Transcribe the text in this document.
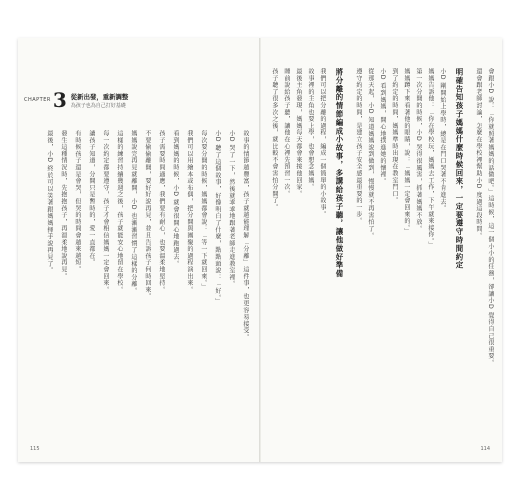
CHAPTER 3 從新出發，重新調整
為孩子也為自己打好基礎
故事的情節越豐富，孩子就越能理解「分離」這件事，也更容易接受。
小D 哭了一下，然後就乖乖地跟著老師走進教室裡。
小D 聽了這個故事，好像明白了什麼，點點頭說：「好。」
每次要分開的時候，媽媽都會說：「等一下就回來。」
我們可以用繪本或布偶，把分開與團聚的過程演出來。
看到媽媽的時候，小D 就會很開心地跑過去。
孩子需要時間適應，我們要有耐心，也要溫柔地堅持。
不要偷偷離開，要好好說再見，並且告訴孩子何時回來。
媽媽說完再見就離開，小D 也漸漸習慣了這樣的分離。
這樣的練習持續幾週之後，孩子就能安心地留在學校。
每一次約定都要遵守，孩子才會相信媽媽一定會回來。
讓孩子知道，分開只是暫時的，愛一直都在。
有時候孩子還是會哭，但哭的時間會越來越短。
發生這種情況時，先抱抱孩子，再溫柔地說再見。
最後，小D 終於可以笑著跟媽媽揮手說再見了。
115
會跟小D 說：「你就照著媽媽的話做吧。」這時候，這一個小小的任務，卻讓小D 覺得自己很重要。
還會跟老師討論，怎麼在學校裡幫助小D 度過這段時間。
明確告知孩子媽媽什麼時候回來，一定要遵守時間約定
小D 剛開始上學時，總是在門口哭著不肯進去。
媽媽告訴他：「你在學校玩，媽媽去工作，下午就來接你。」
第一次分開的時候，小D 哭得很厲害，抓著媽媽不放。
媽媽蹲下來看著他的眼睛，說：「媽媽一定會回來的。」
到了約定的時間，媽媽準時出現在教室門口。
小D 看到媽媽，開心地撲進她的懷裡。
從那天起，小D 知道媽媽說到做到，慢慢就不再害怕了。
遵守約定的時間，是建立孩子安全感最重要的一步。
將分離的情節編成小故事，多講給孩子聽，讓他做好準備
我們可以把分離的過程，編成一個簡單的小故事。
故事裡的主角也要上學，也會想念媽媽。
最後主角發現，媽媽每天都會來接他回家。
睡前說給孩子聽，讓他在心裡先預習一次。
孩子聽了很多次之後，就比較不會害怕分開了。
114
